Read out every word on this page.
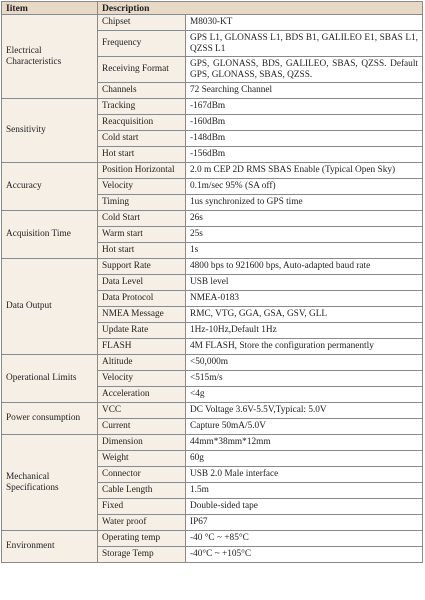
Iitem	Description	
Electrical
Characteristics	Chipset	M8030-KT
	Frequency	GPS L1, GLONASS L1, BDS B1, GALILEO E1, SBAS L1, QZSS L1
	Receiving Format	GPS, GLONASS, BDS, GALILEO, SBAS, QZSS. Default GPS, GLONASS, SBAS, QZSS.
	Channels	72 Searching Channel
Sensitivity	Tracking	-167dBm
	Reacquisition	-160dBm
	Cold start	-148dBm
	Hot start	-156dBm
Accuracy	Position Horizontal	2.0 m CEP 2D RMS SBAS Enable (Typical Open Sky)
	Velocity	0.1m/sec 95% (SA off)
	Timing	1us synchronized to GPS time
Acquisition Time	Cold Start	26s
	Warm start	25s
	Hot start	1s
Data Output	Support Rate	4800 bps to 921600 bps, Auto-adapted baud rate
	Data Level	USB level
	Data Protocol	NMEA-0183
	NMEA Message	RMC, VTG, GGA, GSA, GSV, GLL
	Update Rate	1Hz-10Hz,Default 1Hz
	FLASH	4M FLASH, Store the configuration permanently
Operational Limits	Altitude	<50,000m
	Velocity	<515m/s
	Acceleration	<4g
Power consumption	VCC	DC Voltage 3.6V-5.5V,Typical: 5.0V
	Current	Capture 50mA/5.0V
Mechanical
Specifications	Dimension	44mm*38mm*12mm
	Weight	60g
	Connector	USB 2.0 Male interface
	Cable Length	1.5m
	Fixed	Double-sided tape
	Water proof	IP67
Environment	Operating temp	-40 °C ~ +85°C
	Storage Temp	-40°C ~ +105°C
